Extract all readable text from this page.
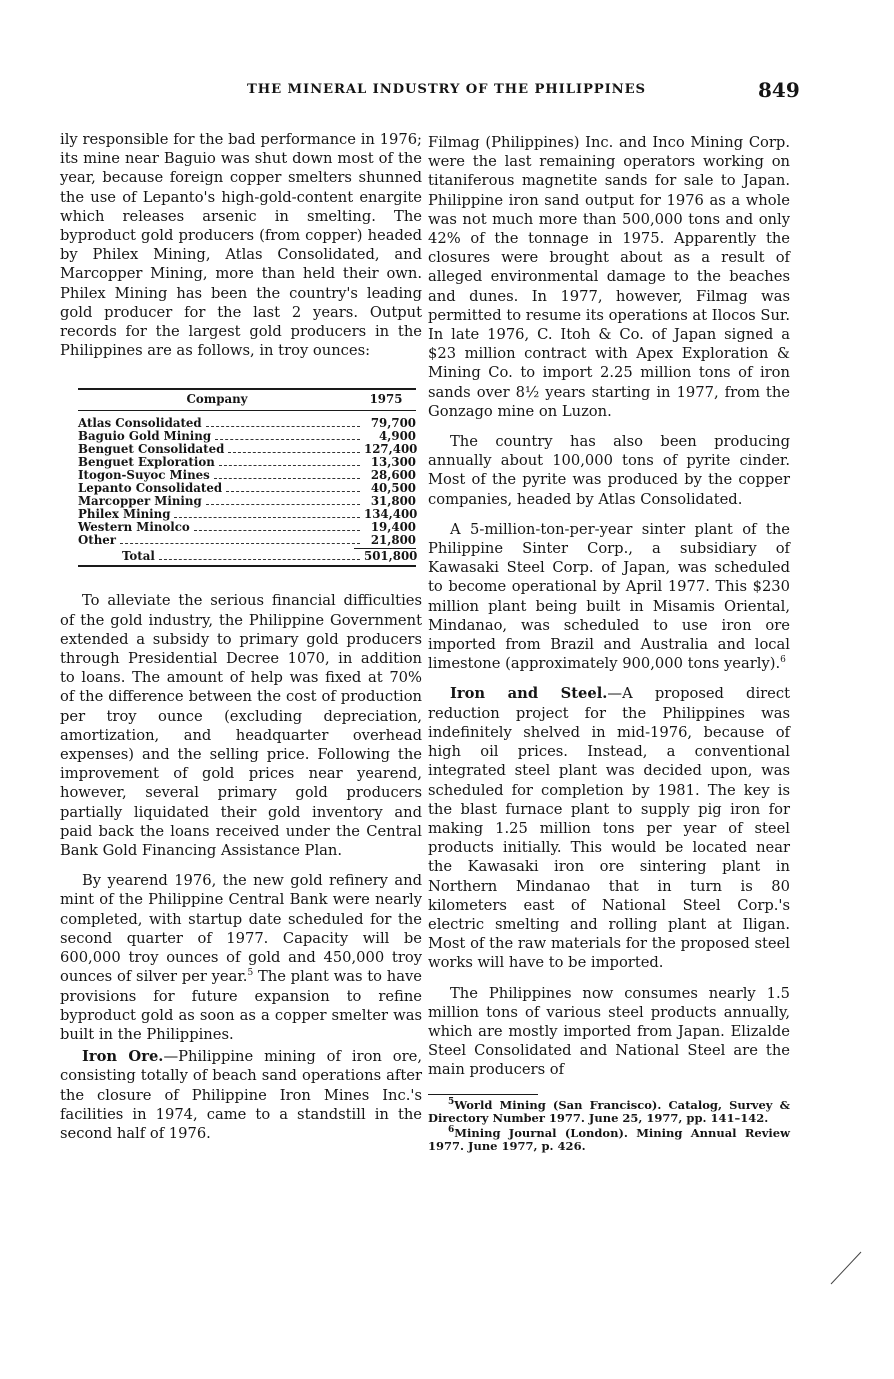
THE MINERAL INDUSTRY OF THE PHILIPPINES	849

ily responsible for the bad performance in 1976; its mine near Baguio was shut down most of the year, because foreign copper smelters shunned the use of Lepanto's high-gold-content enargite which releases arsenic in smelting. The byproduct gold producers (from copper) headed by Philex Mining, Atlas Consolidated, and Marcopper Mining, more than held their own. Philex Mining has been the country's leading gold producer for the last 2 years. Output records for the largest gold producers in the Philippines are as follows, in troy ounces:

Company	1975
Atlas Consolidated	79,700
Baguio Gold Mining	4,900
Benguet Consolidated	127,400
Benguet Exploration	13,300
Itogon-Suyoc Mines	28,600
Lepanto Consolidated	40,500
Marcopper Mining	31,800
Philex Mining	134,400
Western Minolco	19,400
Other	21,800
Total	501,800

To alleviate the serious financial difficulties of the gold industry, the Philippine Government extended a subsidy to primary gold producers through Presidential Decree 1070, in addition to loans. The amount of help was fixed at 70% of the difference between the cost of production per troy ounce (excluding depreciation, amortization, and headquarter overhead expenses) and the selling price. Following the improvement of gold prices near yearend, however, several primary gold producers partially liquidated their gold inventory and paid back the loans received under the Central Bank Gold Financing Assistance Plan.

By yearend 1976, the new gold refinery and mint of the Philippine Central Bank were nearly completed, with startup date scheduled for the second quarter of 1977. Capacity will be 600,000 troy ounces of gold and 450,000 troy ounces of silver per year.$^5$ The plant was to have provisions for future expansion to refine byproduct gold as soon as a copper smelter was built in the Philippines.

Iron Ore.—Philippine mining of iron ore, consisting totally of beach sand operations after the closure of Philippine Iron Mines Inc.'s facilities in 1974, came to a standstill in the second half of 1976.

Filmag (Philippines) Inc. and Inco Mining Corp. were the last remaining operators working on titaniferous magnetite sands for sale to Japan. Philippine iron sand output for 1976 as a whole was not much more than 500,000 tons and only 42% of the tonnage in 1975. Apparently the closures were brought about as a result of alleged environmental damage to the beaches and dunes. In 1977, however, Filmag was permitted to resume its operations at Ilocos Sur. In late 1976, C. Itoh & Co. of Japan signed a $23 million contract with Apex Exploration & Mining Co. to import 2.25 million tons of iron sands over 8½ years starting in 1977, from the Gonzago mine on Luzon.

The country has also been producing annually about 100,000 tons of pyrite cinder. Most of the pyrite was produced by the copper companies, headed by Atlas Consolidated.

A 5-million-ton-per-year sinter plant of the Philippine Sinter Corp., a subsidiary of Kawasaki Steel Corp. of Japan, was scheduled to become operational by April 1977. This $230 million plant being built in Misamis Oriental, Mindanao, was scheduled to use iron ore imported from Brazil and Australia and local limestone (approximately 900,000 tons yearly).$^6$

Iron and Steel.—A proposed direct reduction project for the Philippines was indefinitely shelved in mid-1976, because of high oil prices. Instead, a conventional integrated steel plant was decided upon, was scheduled for completion by 1981. The key is the blast furnace plant to supply pig iron for making 1.25 million tons per year of steel products initially. This would be located near the Kawasaki iron ore sintering plant in Northern Mindanao that in turn is 80 kilometers east of National Steel Corp.'s electric smelting and rolling plant at Iligan. Most of the raw materials for the proposed steel works will have to be imported.

The Philippines now consumes nearly 1.5 million tons of various steel products annually, which are mostly imported from Japan. Elizalde Steel Consolidated and National Steel are the main producers of

$^5$World Mining (San Francisco). Catalog, Survey & Directory Number 1977. June 25, 1977, pp. 141–142.

$^6$Mining Journal (London). Mining Annual Review 1977. June 1977, p. 426.
